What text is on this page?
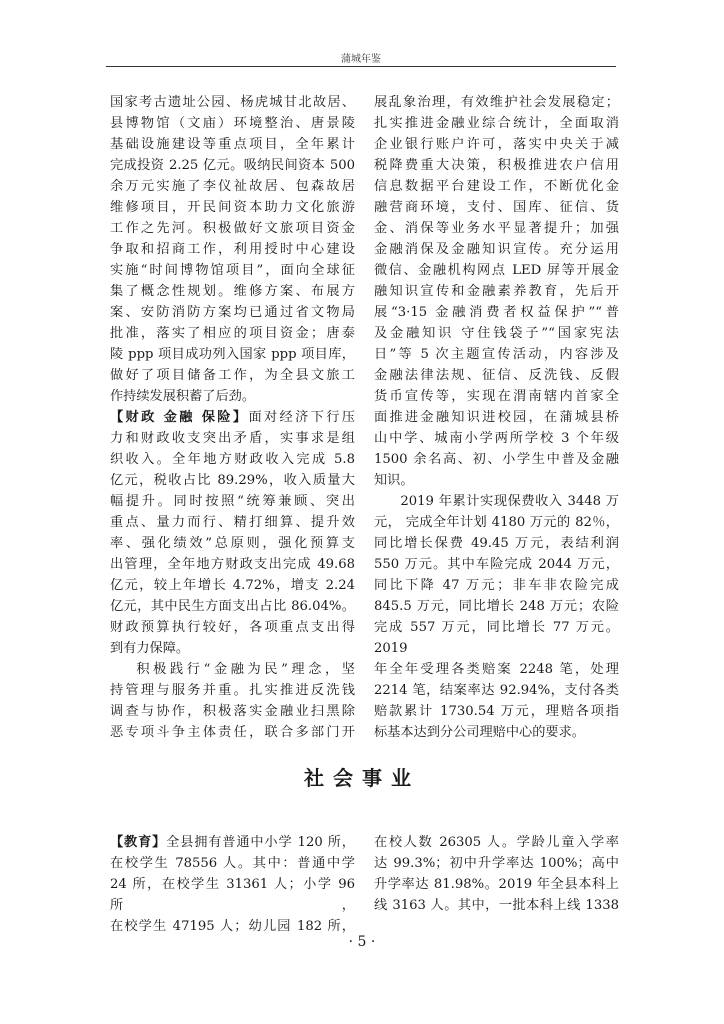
蒲城年鉴

国家考古遗址公园、杨虎城甘北故居、

县博物馆（文庙）环境整治、唐景陵

基础设施建设等重点项目，全年累计

完成投资 2.25 亿元。吸纳民间资本 500

余万元实施了李仪祉故居、包森故居

维修项目，开民间资本助力文化旅游

工作之先河。积极做好文旅项目资金

争取和招商工作，利用授时中心建设

实施“时间博物馆项目”，面向全球征

集了概念性规划。维修方案、布展方

案、安防消防方案均已通过省文物局

批准，落实了相应的项目资金；唐泰

陵 ppp 项目成功列入国家 ppp 项目库，

做好了项目储备工作，为全县文旅工

作持续发展积蓄了后劲。

【财政 金融 保险】面对经济下行压

力和财政收支突出矛盾，实事求是组

织收入。全年地方财政收入完成 5.8

亿元，税收占比 89.29%，收入质量大

幅提升。同时按照“统筹兼顾、突出

重点、量力而行、精打细算、提升效

率、强化绩效”总原则，强化预算支

出管理，全年地方财政支出完成 49.68

亿元，较上年增长 4.72%，增支 2.24

亿元，其中民生方面支出占比 86.04%。

财政预算执行较好，各项重点支出得

到有力保障。

积极践行“金融为民”理念，坚

持管理与服务并重。扎实推进反洗钱

调查与协作，积极落实金融业扫黑除

恶专项斗争主体责任，联合多部门开

展乱象治理，有效维护社会发展稳定；

扎实推进金融业综合统计，全面取消

企业银行账户许可，落实中央关于减

税降费重大决策，积极推进农户信用

信息数据平台建设工作，不断优化金

融营商环境，支付、国库、征信、货

金、消保等业务水平显著提升；加强

金融消保及金融知识宣传。充分运用

微信、金融机构网点 LED 屏等开展金

融知识宣传和金融素养教育，先后开

展“3·15 金融消费者权益保护”“普

及金融知识 守住钱袋子”“国家宪法

日”等 5 次主题宣传活动，内容涉及

金融法律法规、征信、反洗钱、反假

货币宣传等，实现在渭南辖内首家全

面推进金融知识进校园，在蒲城县桥

山中学、城南小学两所学校 3 个年级

1500 余名高、初、小学生中普及金融

知识。

2019 年累计实现保费收入 3448 万

元， 完成全年计划 4180 万元的 82％，

同比增长保费 49.45 万元，表结利润

550 万元。其中车险完成 2044 万元，

同比下降 47 万元；非车非农险完成

845.5 万元，同比增长 248 万元；农险

完成 557 万元，同比增长 77 万元。2019

年全年受理各类赔案 2248 笔，处理

2214 笔，结案率达 92.94%，支付各类

赔款累计 1730.54 万元，理赔各项指

标基本达到分公司理赔中心的要求。

社会事业

【教育】全县拥有普通中小学 120 所，

在校学生 78556 人。其中：普通中学

24 所，在校学生 31361 人；小学 96 所，

在校学生 47195 人；幼儿园 182 所，

在校人数 26305 人。学龄儿童入学率

达 99.3%；初中升学率达 100%；高中

升学率达 81.98%。2019 年全县本科上

线 3163 人。其中，一批本科上线 1338

· 5 ·
